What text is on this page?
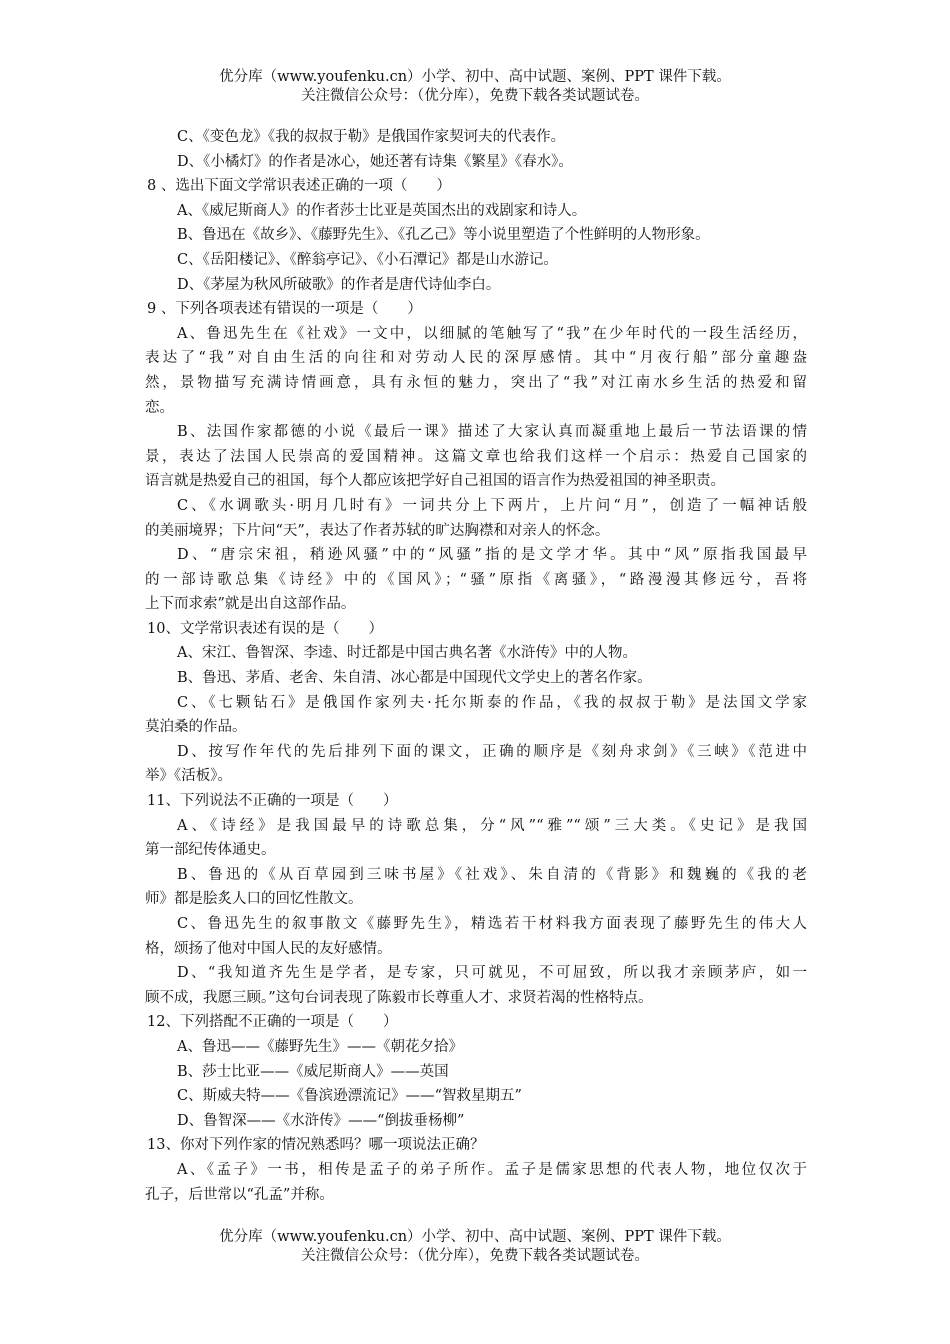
优分库（www.youfenku.cn）小学、初中、高中试题、案例、PPT 课件下载。
关注微信公众号：（优分库），免费下载各类试题试卷。
C、《变色龙》《我的叔叔于勒》是俄国作家契诃夫的代表作。
D、《小橘灯》的作者是冰心，她还著有诗集《繁星》《春水》。
8 、选出下面文学常识表述正确的一项（　　）
A、《威尼斯商人》的作者莎士比亚是英国杰出的戏剧家和诗人。
B、鲁迅在《故乡》、《藤野先生》、《孔乙己》等小说里塑造了个性鲜明的人物形象。
C、《岳阳楼记》、《醉翁亭记》、《小石潭记》都是山水游记。
D、《茅屋为秋风所破歌》的作者是唐代诗仙李白。
9 、下列各项表述有错误的一项是（　　）
A、鲁迅先生在《社戏》一文中，以细腻的笔触写了“我”在少年时代的一段生活经历，
表达了“我”对自由生活的向往和对劳动人民的深厚感情。其中“月夜行船”部分童趣盎
然，景物描写充满诗情画意，具有永恒的魅力，突出了“我”对江南水乡生活的热爱和留
恋。
B、法国作家都德的小说《最后一课》描述了大家认真而凝重地上最后一节法语课的情
景，表达了法国人民崇高的爱国精神。这篇文章也给我们这样一个启示：热爱自己国家的
语言就是热爱自己的祖国，每个人都应该把学好自己祖国的语言作为热爱祖国的神圣职责。
C、《水调歌头·明月几时有》一词共分上下两片，上片问“月”，创造了一幅神话般
的美丽境界；下片问“天”，表达了作者苏轼的旷达胸襟和对亲人的怀念。
D、“唐宗宋祖，稍逊风骚”中的“风骚”指的是文学才华。其中“风”原指我国最早
的一部诗歌总集《诗经》中的《国风》；“骚”原指《离骚》，“路漫漫其修远兮，吾将
上下而求索”就是出自这部作品。
10、文学常识表述有误的是（　　）
A、宋江、鲁智深、李逵、时迁都是中国古典名著《水浒传》中的人物。
B、鲁迅、茅盾、老舍、朱自清、冰心都是中国现代文学史上的著名作家。
C、《七颗钻石》是俄国作家列夫·托尔斯泰的作品，《我的叔叔于勒》是法国文学家
莫泊桑的作品。
D、按写作年代的先后排列下面的课文，正确的顺序是《刻舟求剑》《三峡》《范进中
举》《活板》。
11、下列说法不正确的一项是（　　）
A、《诗经》是我国最早的诗歌总集，分“风”“雅”“颂”三大类。《史记》是我国
第一部纪传体通史。
B、鲁迅的《从百草园到三味书屋》《社戏》、朱自清的《背影》和魏巍的《我的老
师》都是脍炙人口的回忆性散文。
C、鲁迅先生的叙事散文《藤野先生》，精选若干材料我方面表现了藤野先生的伟大人
格，颂扬了他对中国人民的友好感情。
D、“我知道齐先生是学者，是专家，只可就见，不可屈致，所以我才亲顾茅庐，如一
顾不成，我愿三顾。”这句台词表现了陈毅市长尊重人才、求贤若渴的性格特点。
12、下列搭配不正确的一项是（　　）
A、鲁迅——《藤野先生》——《朝花夕拾》
B、莎士比亚——《威尼斯商人》——英国
C、斯威夫特——《鲁滨逊漂流记》——“智救星期五”
D、鲁智深——《水浒传》——“倒拔垂杨柳”
13、你对下列作家的情况熟悉吗？哪一项说法正确？
A、《孟子》一书，相传是孟子的弟子所作。孟子是儒家思想的代表人物，地位仅次于
孔子，后世常以“孔孟”并称。
优分库（www.youfenku.cn）小学、初中、高中试题、案例、PPT 课件下载。
关注微信公众号：（优分库），免费下载各类试题试卷。
